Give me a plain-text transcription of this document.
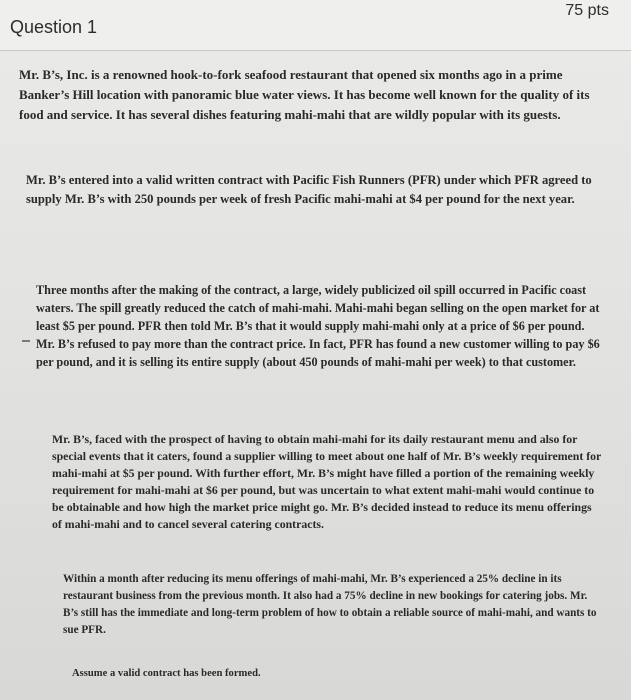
Question 1
75 pts

Mr. B’s, Inc. is a renowned hook-to-fork seafood restaurant that opened six months ago in a prime Banker’s Hill location with panoramic blue water views. It has become well known for the quality of its food and service. It has several dishes featuring mahi-mahi that are wildly popular with its guests.

Mr. B’s entered into a valid written contract with Pacific Fish Runners (PFR) under which PFR agreed to supply Mr. B’s with 250 pounds per week of fresh Pacific mahi-mahi at $4 per pound for the next year.

Three months after the making of the contract, a large, widely publicized oil spill occurred in Pacific coast waters. The spill greatly reduced the catch of mahi-mahi. Mahi-mahi began selling on the open market for at least $5 per pound. PFR then told Mr. B’s that it would supply mahi-mahi only at a price of $6 per pound. Mr. B’s refused to pay more than the contract price. In fact, PFR has found a new customer willing to pay $6 per pound, and it is selling its entire supply (about 450 pounds of mahi-mahi per week) to that customer.

Mr. B’s, faced with the prospect of having to obtain mahi-mahi for its daily restaurant menu and also for special events that it caters, found a supplier willing to meet about one half of Mr. B’s weekly requirement for mahi-mahi at $5 per pound. With further effort, Mr. B’s might have filled a portion of the remaining weekly requirement for mahi-mahi at $6 per pound, but was uncertain to what extent mahi-mahi would continue to be obtainable and how high the market price might go. Mr. B’s decided instead to reduce its menu offerings of mahi-mahi and to cancel several catering contracts.

Within a month after reducing its menu offerings of mahi-mahi, Mr. B’s experienced a 25% decline in its restaurant business from the previous month. It also had a 75% decline in new bookings for catering jobs. Mr. B’s still has the immediate and long-term problem of how to obtain a reliable source of mahi-mahi, and wants to sue PFR.

Assume a valid contract has been formed.
